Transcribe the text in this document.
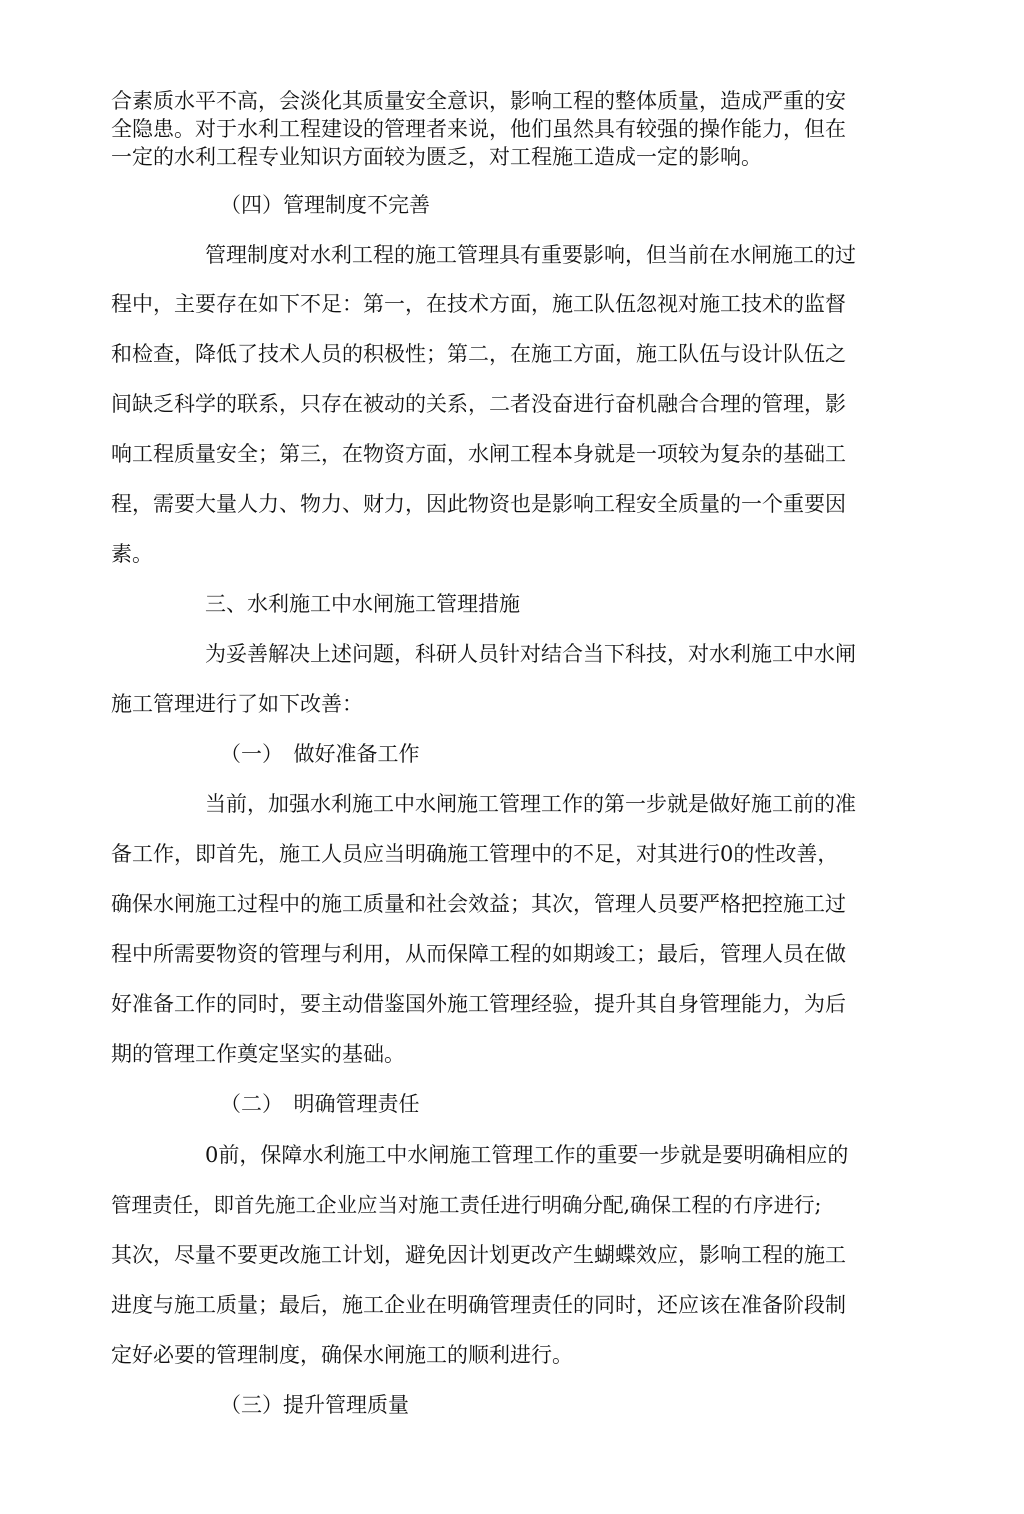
合素质水平不高，会淡化其质量安全意识，影响工程的整体质量，造成严重的安
全隐患。对于水利工程建设的管理者来说，他们虽然具有较强的操作能力，但在
一定的水利工程专业知识方面较为匮乏，对工程施工造成一定的影响。
（四）管理制度不完善
管理制度对水利工程的施工管理具有重要影响，但当前在水闸施工的过
程中，主要存在如下不足：第一，在技术方面，施工队伍忽视对施工技术的监督
和检查，降低了技术人员的积极性；第二，在施工方面，施工队伍与设计队伍之
间缺乏科学的联系，只存在被动的关系，二者没奋进行奋机融合合理的管理，影
响工程质量安全；第三，在物资方面，水闸工程本身就是一项较为复杂的基础工
程，需要大量人力、物力、财力，因此物资也是影响工程安全质量的一个重要因
素。
三、水利施工中水闸施工管理措施
为妥善解决上述问题，科研人员针对结合当下科技，对水利施工中水闸
施工管理进行了如下改善：
（一）　做好准备工作
当前，加强水利施工中水闸施工管理工作的第一步就是做好施工前的准
备工作，即首先，施工人员应当明确施工管理中的不足，对其进行0的性改善，
确保水闸施工过程中的施工质量和社会效益；其次，管理人员要严格把控施工过
程中所需要物资的管理与利用，从而保障工程的如期竣工；最后，管理人员在做
好准备工作的同时，要主动借鉴国外施工管理经验，提升其自身管理能力，为后
期的管理工作奠定坚实的基础。
（二）　明确管理责任
0前，保障水利施工中水闸施工管理工作的重要一步就是要明确相应的
管理责任，即首先施工企业应当对施工责任进行明确分配,确保工程的冇序进行;
其次，尽量不要更改施工计划，避免因计划更改产生蝴蝶效应，影响工程的施工
进度与施工质量；最后，施工企业在明确管理责任的同时，还应该在准备阶段制
定好必要的管理制度，确保水闸施工的顺利进行。
（三）提升管理质量
